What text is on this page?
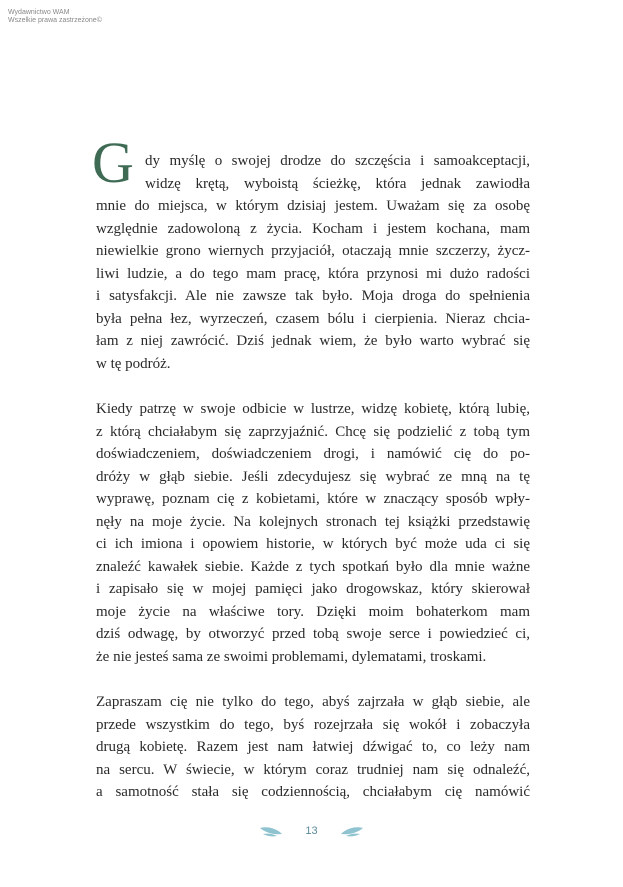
Wydawnictwo WAM
Wszelkie prawa zastrzeżone©
G dy myślę o swojej drodze do szczęścia i samoakceptacji,
widzę krętą, wyboistą ścieżkę, która jednak zawiodła
mnie do miejsca, w którym dzisiaj jestem. Uważam się za osobę
względnie zadowoloną z życia. Kocham i jestem kochana, mam
niewielkie grono wiernych przyjaciół, otaczają mnie szczerzy, życz-
liwi ludzie, a do tego mam pracę, która przynosi mi dużo radości
i satysfakcji. Ale nie zawsze tak było. Moja droga do spełnienia
była pełna łez, wyrzeczeń, czasem bólu i cierpienia. Nieraz chcia-
łam z niej zawrócić. Dziś jednak wiem, że było warto wybrać się
w tę podróż.
Kiedy patrzę w swoje odbicie w lustrze, widzę kobietę, którą lubię,
z którą chciałabym się zaprzyjaźnić. Chcę się podzielić z tobą tym
doświadczeniem, doświadczeniem drogi, i namówić cię do po-
dróży w głąb siebie. Jeśli zdecydujesz się wybrać ze mną na tę
wyprawę, poznam cię z kobietami, które w znaczący sposób wpły-
nęły na moje życie. Na kolejnych stronach tej książki przedstawię
ci ich imiona i opowiem historie, w których być może uda ci się
znaleźć kawałek siebie. Każde z tych spotkań było dla mnie ważne
i zapisało się w mojej pamięci jako drogowskaz, który skierował
moje życie na właściwe tory. Dzięki moim bohaterkom mam
dziś odwagę, by otworzyć przed tobą swoje serce i powiedzieć ci,
że nie jesteś sama ze swoimi problemami, dylematami, troskami.
Zapraszam cię nie tylko do tego, abyś zajrzała w głąb siebie, ale
przede wszystkim do tego, byś rozejrzała się wokół i zobaczyła
drugą kobietę. Razem jest nam łatwiej dźwigać to, co leży nam
na sercu. W świecie, w którym coraz trudniej nam się odnaleźć,
a samotność stała się codziennością, chciałabym cię namówić
13
